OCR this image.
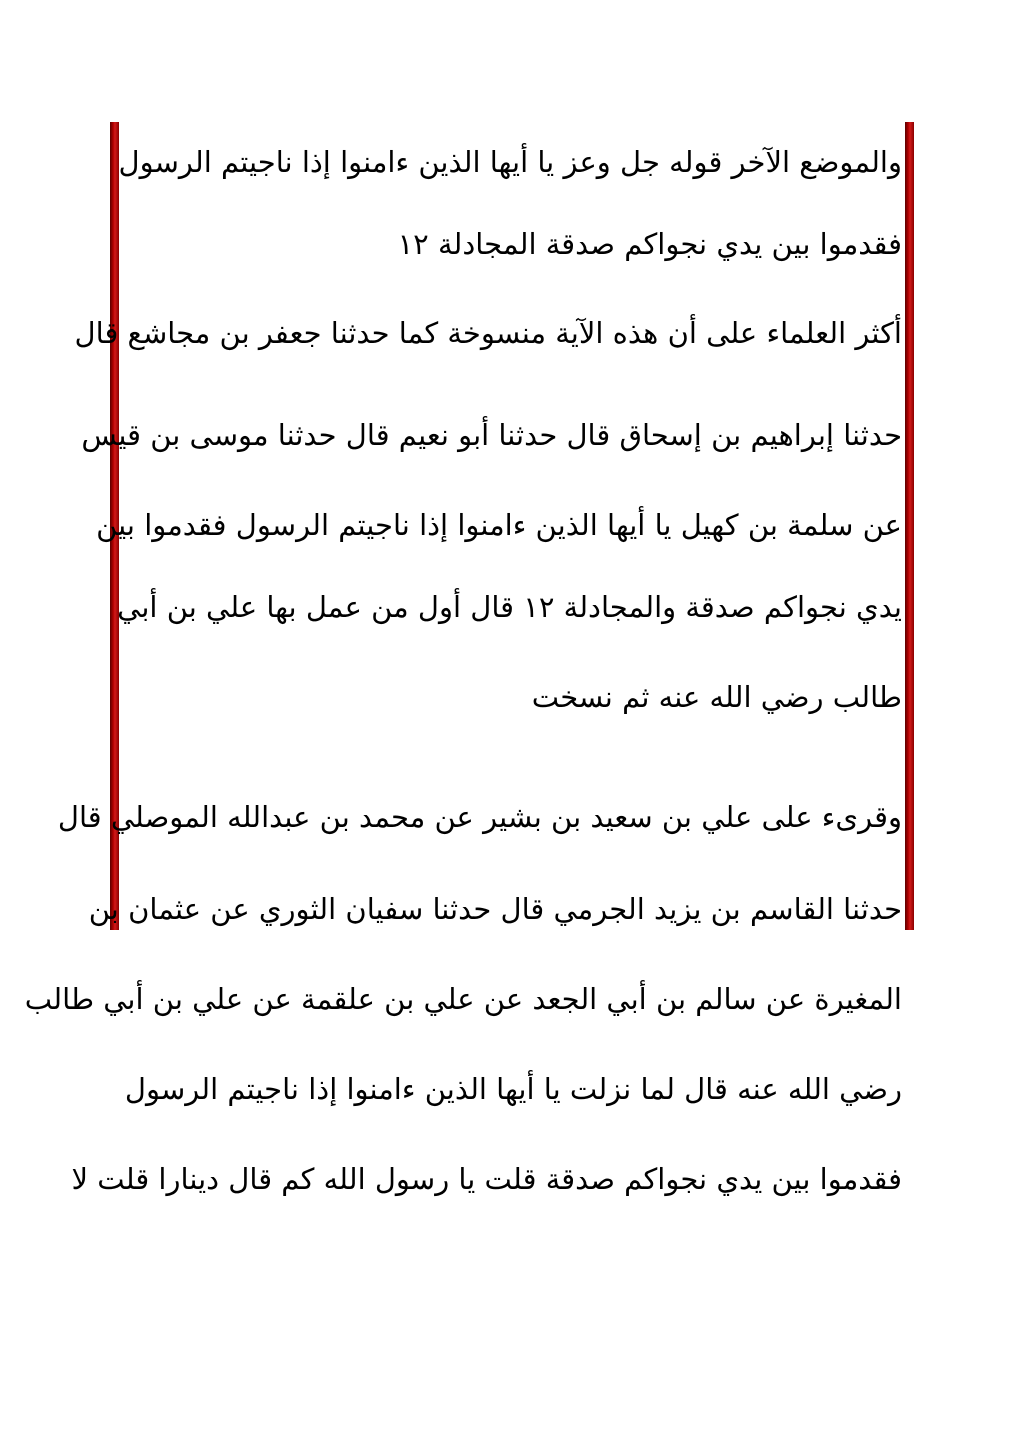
والموضع الآخر قوله جل وعز يا أيها الذين ءامنوا إذا ناجيتم الرسول
فقدموا بين يدي نجواكم صدقة المجادلة ١٢
أكثر العلماء على أن هذه الآية منسوخة كما حدثنا جعفر بن مجاشع قال
حدثنا إبراهيم بن إسحاق قال حدثنا أبو نعيم قال حدثنا موسى بن قيس
عن سلمة بن كهيل يا أيها الذين ءامنوا إذا ناجيتم الرسول فقدموا بين
يدي نجواكم صدقة والمجادلة ١٢ قال أول من عمل بها علي بن أبي
طالب رضي الله عنه ثم نسخت
وقرىء على علي بن سعيد بن بشير عن محمد بن عبدالله الموصلي قال
حدثنا القاسم بن يزيد الجرمي قال حدثنا سفيان الثوري عن عثمان بن
المغيرة عن سالم بن أبي الجعد عن علي بن علقمة عن علي بن أبي طالب
رضي الله عنه قال لما نزلت يا أيها الذين ءامنوا إذا ناجيتم الرسول
فقدموا بين يدي نجواكم صدقة قلت يا رسول الله كم قال دينارا قلت لا
